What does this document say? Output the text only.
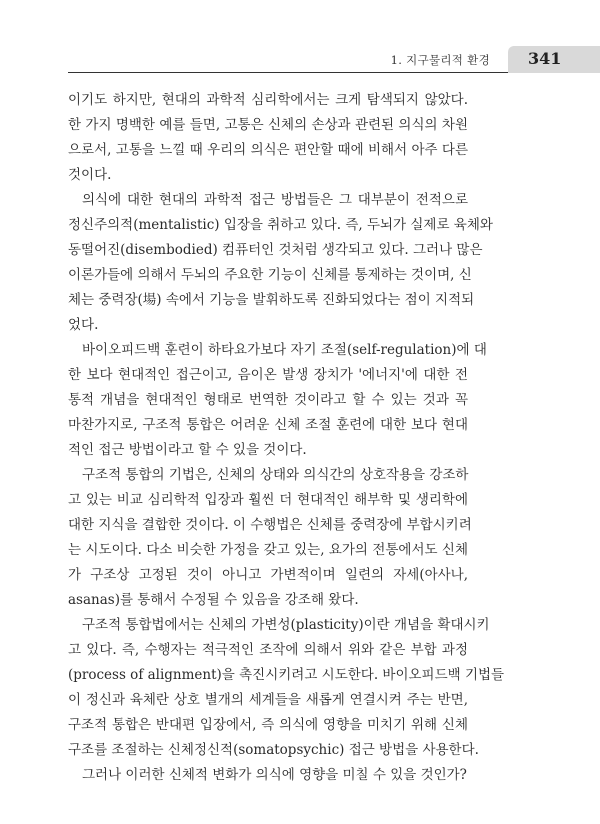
1. 지구물리적 환경 341
이기도 하지만, 현대의 과학적 심리학에서는 크게 탐색되지 않았다.
한 가지 명백한 예를 들면, 고통은 신체의 손상과 관련된 의식의 차원
으로서, 고통을 느낄 때 우리의 의식은 편안할 때에 비해서 아주 다른
것이다.
의식에 대한 현대의 과학적 접근 방법들은 그 대부분이 전적으로
정신주의적(mentalistic) 입장을 취하고 있다. 즉, 두뇌가 실제로 육체와
동떨어진(disembodied) 컴퓨터인 것처럼 생각되고 있다. 그러나 많은
이론가들에 의해서 두뇌의 주요한 기능이 신체를 통제하는 것이며, 신
체는 중력장(場) 속에서 기능을 발휘하도록 진화되었다는 점이 지적되
었다.
바이오피드백 훈련이 하타요가보다 자기 조절(self-regulation)에 대
한 보다 현대적인 접근이고, 음이온 발생 장치가 '에너지'에 대한 전
통적 개념을 현대적인 형태로 번역한 것이라고 할 수 있는 것과 꼭
마찬가지로, 구조적 통합은 어려운 신체 조절 훈련에 대한 보다 현대
적인 접근 방법이라고 할 수 있을 것이다.
구조적 통합의 기법은, 신체의 상태와 의식간의 상호작용을 강조하
고 있는 비교 심리학적 입장과 훨씬 더 현대적인 해부학 및 생리학에
대한 지식을 결합한 것이다. 이 수행법은 신체를 중력장에 부합시키려
는 시도이다. 다소 비슷한 가정을 갖고 있는, 요가의 전통에서도 신체
가 구조상 고정된 것이 아니고 가변적이며 일련의 자세(아사나,
asanas)를 통해서 수정될 수 있음을 강조해 왔다.
구조적 통합법에서는 신체의 가변성(plasticity)이란 개념을 확대시키
고 있다. 즉, 수행자는 적극적인 조작에 의해서 위와 같은 부합 과정
(process of alignment)을 촉진시키려고 시도한다. 바이오피드백 기법들
이 정신과 육체란 상호 별개의 세계들을 새롭게 연결시켜 주는 반면,
구조적 통합은 반대편 입장에서, 즉 의식에 영향을 미치기 위해 신체
구조를 조절하는 신체정신적(somatopsychic) 접근 방법을 사용한다.
그러나 이러한 신체적 변화가 의식에 영향을 미칠 수 있을 것인가?
